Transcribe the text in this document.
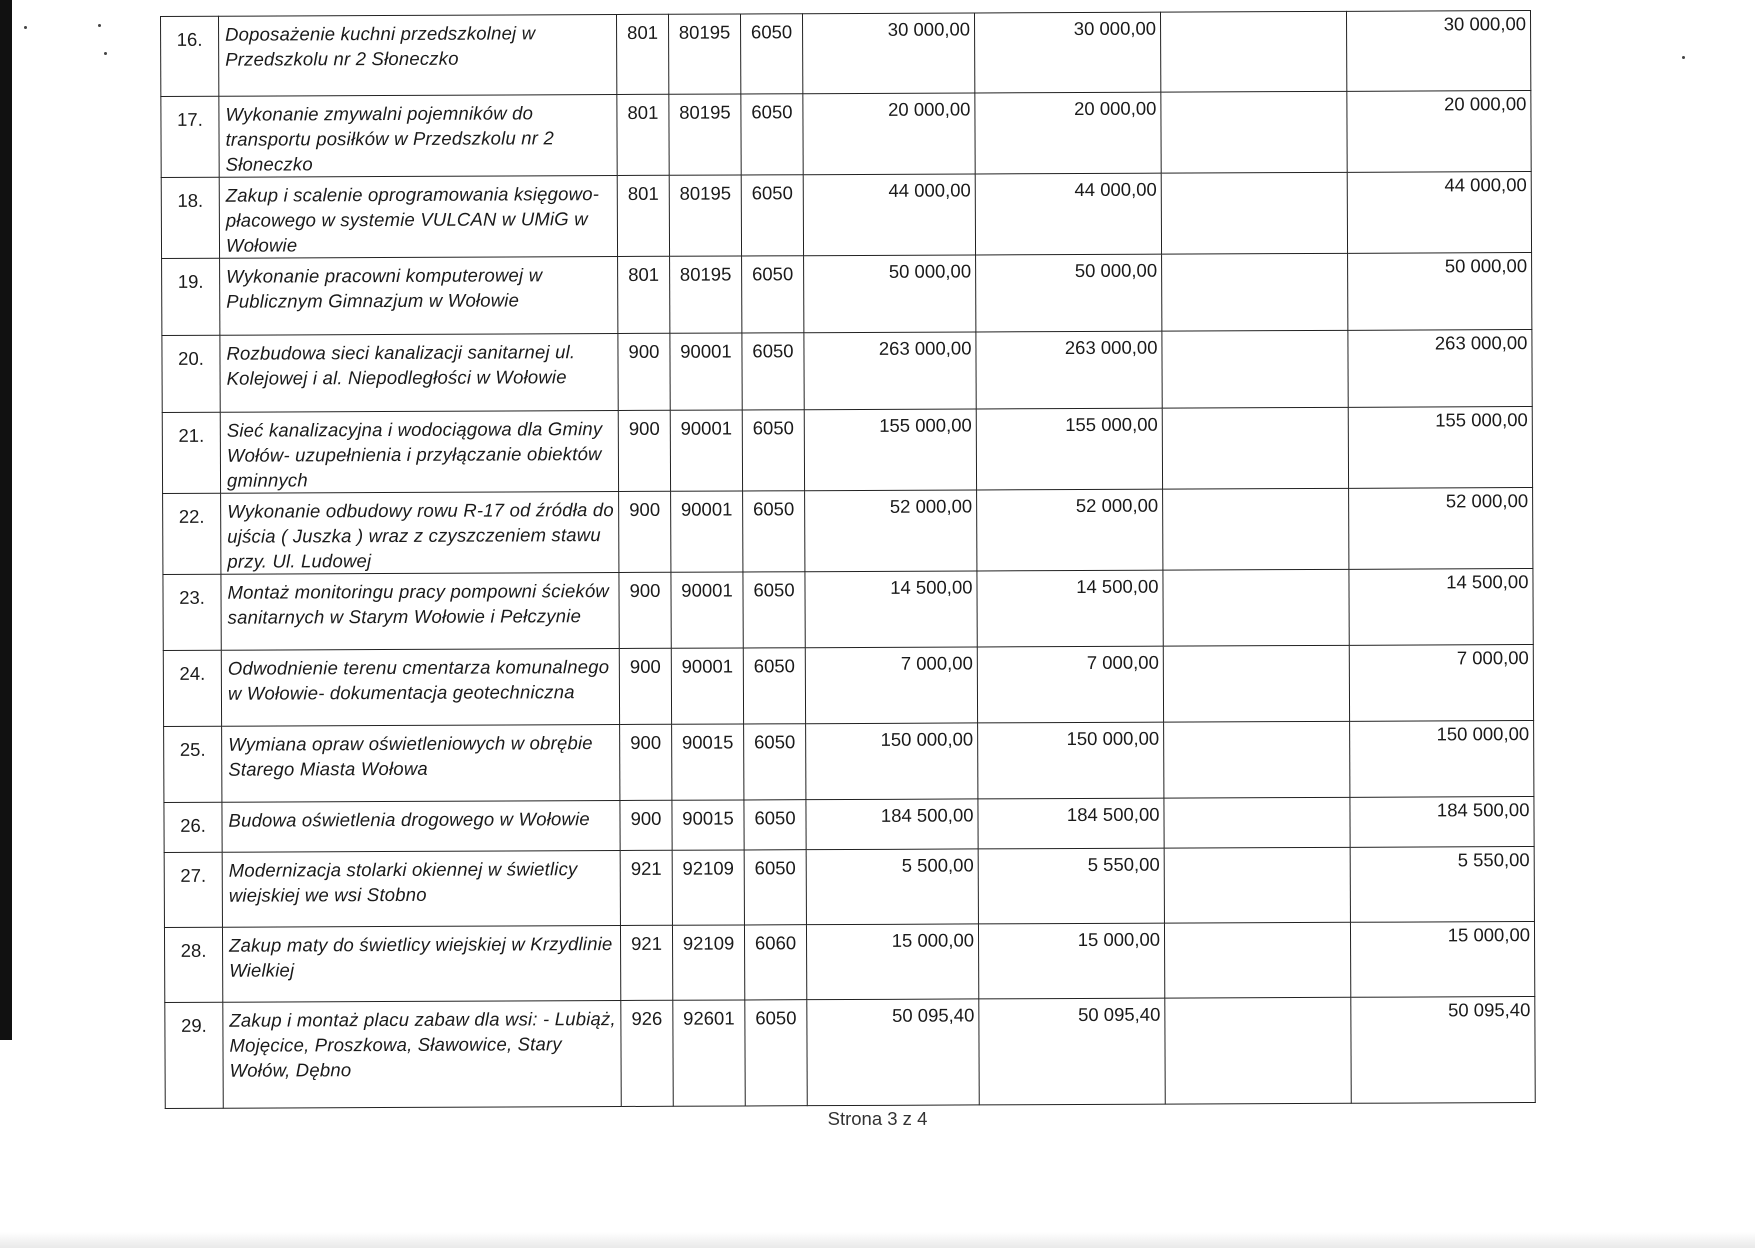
16.	Doposażenie kuchni przedszkolnej w Przedszkolu nr 2 Słoneczko	801	80195	6050	30 000,00	30 000,00		30 000,00
17.	Wykonanie zmywalni pojemników do transportu posiłków w Przedszkolu nr 2 Słoneczko	801	80195	6050	20 000,00	20 000,00		20 000,00
18.	Zakup i scalenie oprogramowania księgowo- płacowego w systemie VULCAN w UMiG w Wołowie	801	80195	6050	44 000,00	44 000,00		44 000,00
19.	Wykonanie pracowni komputerowej w Publicznym Gimnazjum w Wołowie	801	80195	6050	50 000,00	50 000,00		50 000,00
20.	Rozbudowa sieci kanalizacji sanitarnej ul. Kolejowej i al. Niepodległości w Wołowie	900	90001	6050	263 000,00	263 000,00		263 000,00
21.	Sieć kanalizacyjna i wodociągowa dla Gminy Wołów- uzupełnienia i przyłączanie obiektów gminnych	900	90001	6050	155 000,00	155 000,00		155 000,00
22.	Wykonanie odbudowy rowu R-17 od źródła do ujścia ( Juszka ) wraz z czyszczeniem stawu przy. Ul. Ludowej	900	90001	6050	52 000,00	52 000,00		52 000,00
23.	Montaż monitoringu pracy pompowni ścieków sanitarnych w Starym Wołowie i Pełczynie	900	90001	6050	14 500,00	14 500,00		14 500,00
24.	Odwodnienie terenu cmentarza komunalnego w Wołowie- dokumentacja geotechniczna	900	90001	6050	7 000,00	7 000,00		7 000,00
25.	Wymiana opraw oświetleniowych w obrębie Starego Miasta Wołowa	900	90015	6050	150 000,00	150 000,00		150 000,00
26.	Budowa oświetlenia drogowego w Wołowie	900	90015	6050	184 500,00	184 500,00		184 500,00
27.	Modernizacja stolarki okiennej w świetlicy wiejskiej we wsi Stobno	921	92109	6050	5 500,00	5 550,00		5 550,00
28.	Zakup maty do świetlicy wiejskiej w Krzydlinie Wielkiej	921	92109	6060	15 000,00	15 000,00		15 000,00
29.	Zakup i montaż placu zabaw dla wsi: - Lubiąż, Mojęcice, Proszkowa, Sławowice, Stary Wołów, Dębno	926	92601	6050	50 095,40	50 095,40		50 095,40
Strona 3 z 4
